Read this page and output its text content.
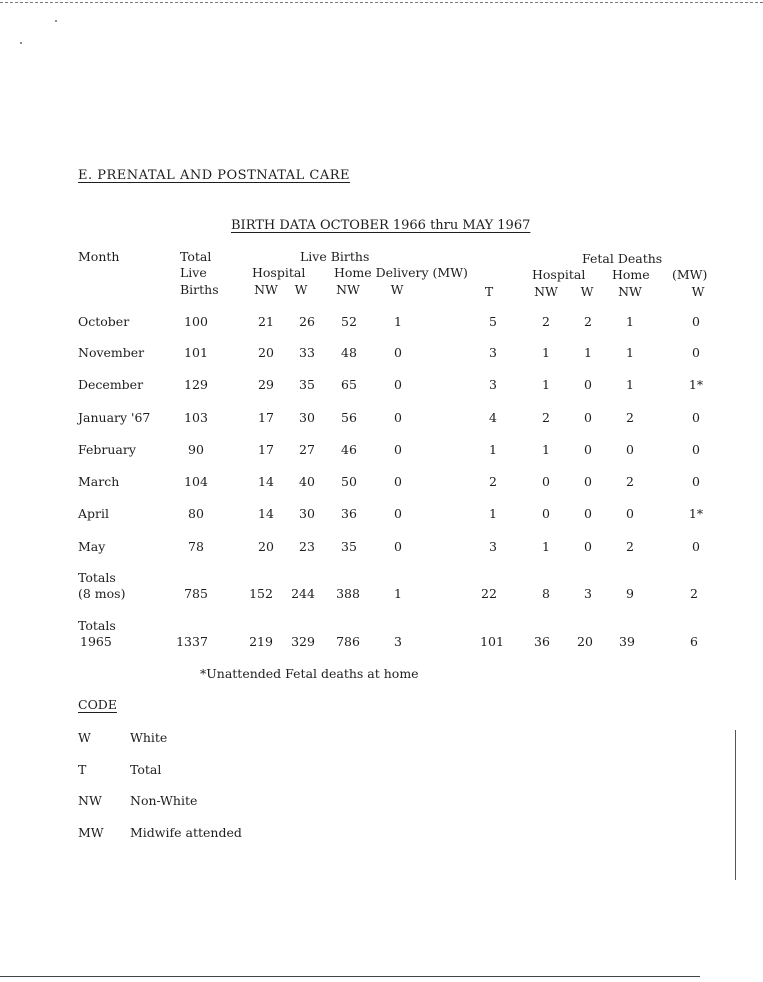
E. PRENATAL AND POSTNATAL CARE
BIRTH DATA OCTOBER 1966 thru MAY 1967
Month	Total
Live
Births
Live Births
Hospital Home Delivery (MW)
Fetal Deaths
Hospital Home (MW)
NW W NW W	T	NW W NW	W
October	100	21 26 52	1	5	2	2	1	0
November	101	20 33 48	0	3	1	1	1	0
December	129	29 35 65	0	3	1	0	1	1*
January '67	103	17 30 56	0	4	2	0	2	0
February	90	17 27 46	0	1	1	0	0	0
March	104	14 40 50	0	2	0	0	2	0
April	80	14 30 36	0	1	0	0	0	1*
May	78	20 23 35	0	3	1	0	2	0
Totals
(8 mos)	785	152 244 388	1	22	8	3	9	2
Totals
1965	1337	219 329 786	3	101 36 20 39	6
*Unattended Fetal deaths at home
CODE
W	White
T	Total
NW Non-White
MW Midwife attended
